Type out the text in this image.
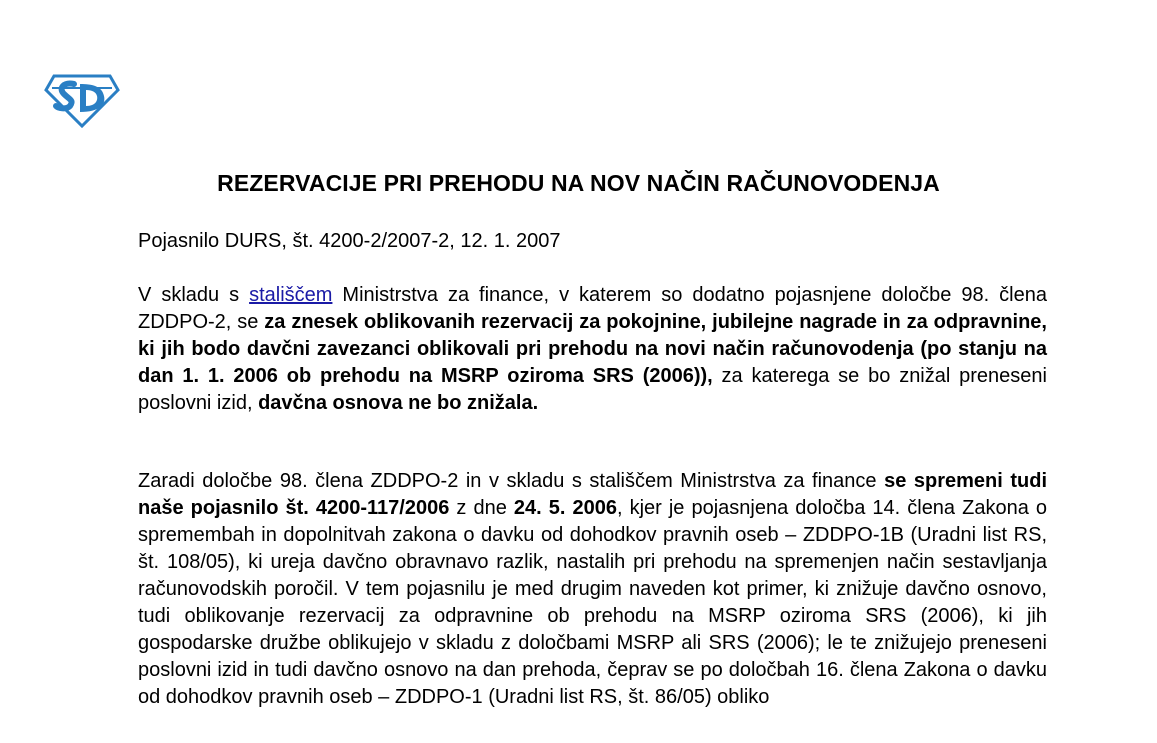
REZERVACIJE PRI PREHODU NA NOV NAČIN RAČUNOVODENJA

Pojasnilo DURS, št. 4200-2/2007-2, 12. 1. 2007

V skladu s stališčem Ministrstva za finance, v katerem so dodatno pojasnjene določbe 98. člena ZDDPO-2, se za znesek oblikovanih rezervacij za pokojnine, jubilejne nagrade in za odpravnine, ki jih bodo davčni zavezanci oblikovali pri prehodu na novi način računovodenja (po stanju na dan 1. 1. 2006 ob prehodu na MSRP oziroma SRS (2006)), za katerega se bo znižal preneseni poslovni izid, davčna osnova ne bo znižala.

Zaradi določbe 98. člena ZDDPO-2 in v skladu s stališčem Ministrstva za finance se spremeni tudi naše pojasnilo št. 4200-117/2006 z dne 24. 5. 2006, kjer je pojasnjena določba 14. člena Zakona o spremembah in dopolnitvah zakona o davku od dohodkov pravnih oseb – ZDDPO-1B (Uradni list RS, št. 108/05), ki ureja davčno obravnavo razlik, nastalih pri prehodu na spremenjen način sestavljanja računovodskih poročil. V tem pojasnilu je med drugim naveden kot primer, ki znižuje davčno osnovo, tudi oblikovanje rezervacij za odpravnine ob prehodu na MSRP oziroma SRS (2006), ki jih gospodarske družbe oblikujejo v skladu z določbami MSRP ali SRS (2006); le te znižujejo preneseni poslovni izid in tudi davčno osnovo na dan prehoda, čeprav se po določbah 16. člena Zakona o davku od dohodkov pravnih oseb – ZDDPO-1 (Uradni list RS, št. 86/05) obliko
